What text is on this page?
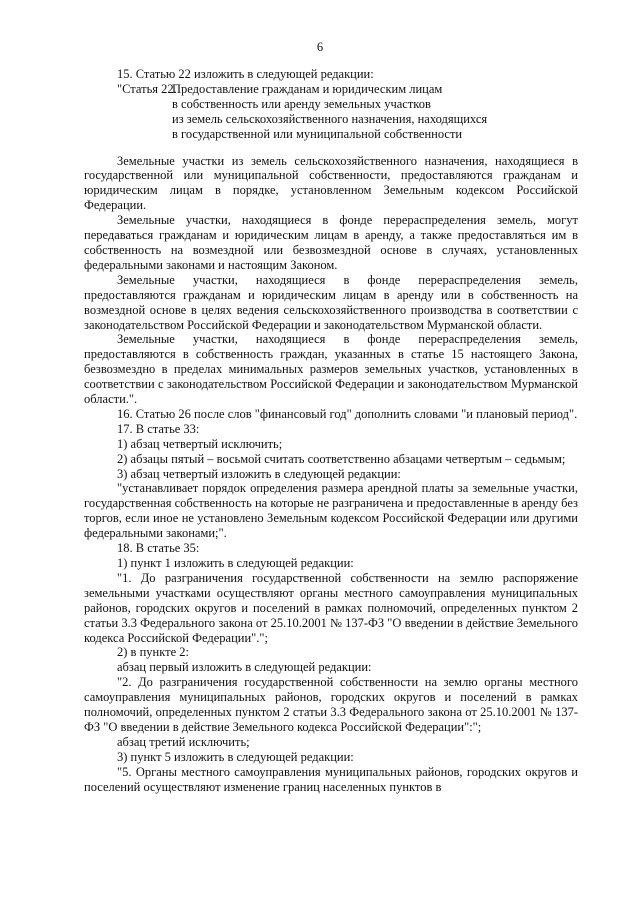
6

15. Статью 22 изложить в следующей редакции:

"Статья 22.
Предоставление гражданам и юридическим лицам
в собственность или аренду земельных участков
из земель сельскохозяйственного назначения, находящихся
в государственной или муниципальной собственности

Земельные участки из земель сельскохозяйственного назначения, находящиеся в государственной или муниципальной собственности, предоставляются гражданам и юридическим лицам в порядке, установленном Земельным кодексом Российской Федерации.

Земельные участки, находящиеся в фонде перераспределения земель, могут передаваться гражданам и юридическим лицам в аренду, а также предоставляться им в собственность на возмездной или безвозмездной основе в случаях, установленных федеральными законами и настоящим Законом.

Земельные участки, находящиеся в фонде перераспределения земель, предоставляются гражданам и юридическим лицам в аренду или в собственность на возмездной основе в целях ведения сельскохозяйственного производства в соответствии с законодательством Российской Федерации и законодательством Мурманской области.

Земельные участки, находящиеся в фонде перераспределения земель, предоставляются в собственность граждан, указанных в статье 15 настоящего Закона, безвозмездно в пределах минимальных размеров земельных участков, установленных в соответствии с законодательством Российской Федерации и законодательством Мурманской области.".

16. Статью 26 после слов "финансовый год" дополнить словами "и плановый период".

17. В статье 33:

1) абзац четвертый исключить;

2) абзацы пятый – восьмой считать соответственно абзацами четвертым – седьмым;

3) абзац четвертый изложить в следующей редакции:

"устанавливает порядок определения размера арендной платы за земельные участки, государственная собственность на которые не разграничена и предоставленные в аренду без торгов, если иное не установлено Земельным кодексом Российской Федерации или другими федеральными законами;".

18. В статье 35:

1) пункт 1 изложить в следующей редакции:

"1. До разграничения государственной собственности на землю распоряжение земельными участками осуществляют органы местного самоуправления муниципальных районов, городских округов и поселений в рамках полномочий, определенных пунктом 2 статьи 3.3 Федерального закона от 25.10.2001 № 137-ФЗ "О введении в действие Земельного кодекса Российской Федерации".";

2) в пункте 2:

абзац первый изложить в следующей редакции:

"2. До разграничения государственной собственности на землю органы местного самоуправления муниципальных районов, городских округов и поселений в рамках полномочий, определенных пунктом 2 статьи 3.3 Федерального закона от 25.10.2001 № 137-ФЗ "О введении в действие Земельного кодекса Российской Федерации":";

абзац третий исключить;

3) пункт 5 изложить в следующей редакции:

"5. Органы местного самоуправления муниципальных районов, городских округов и поселений осуществляют изменение границ населенных пунктов в
